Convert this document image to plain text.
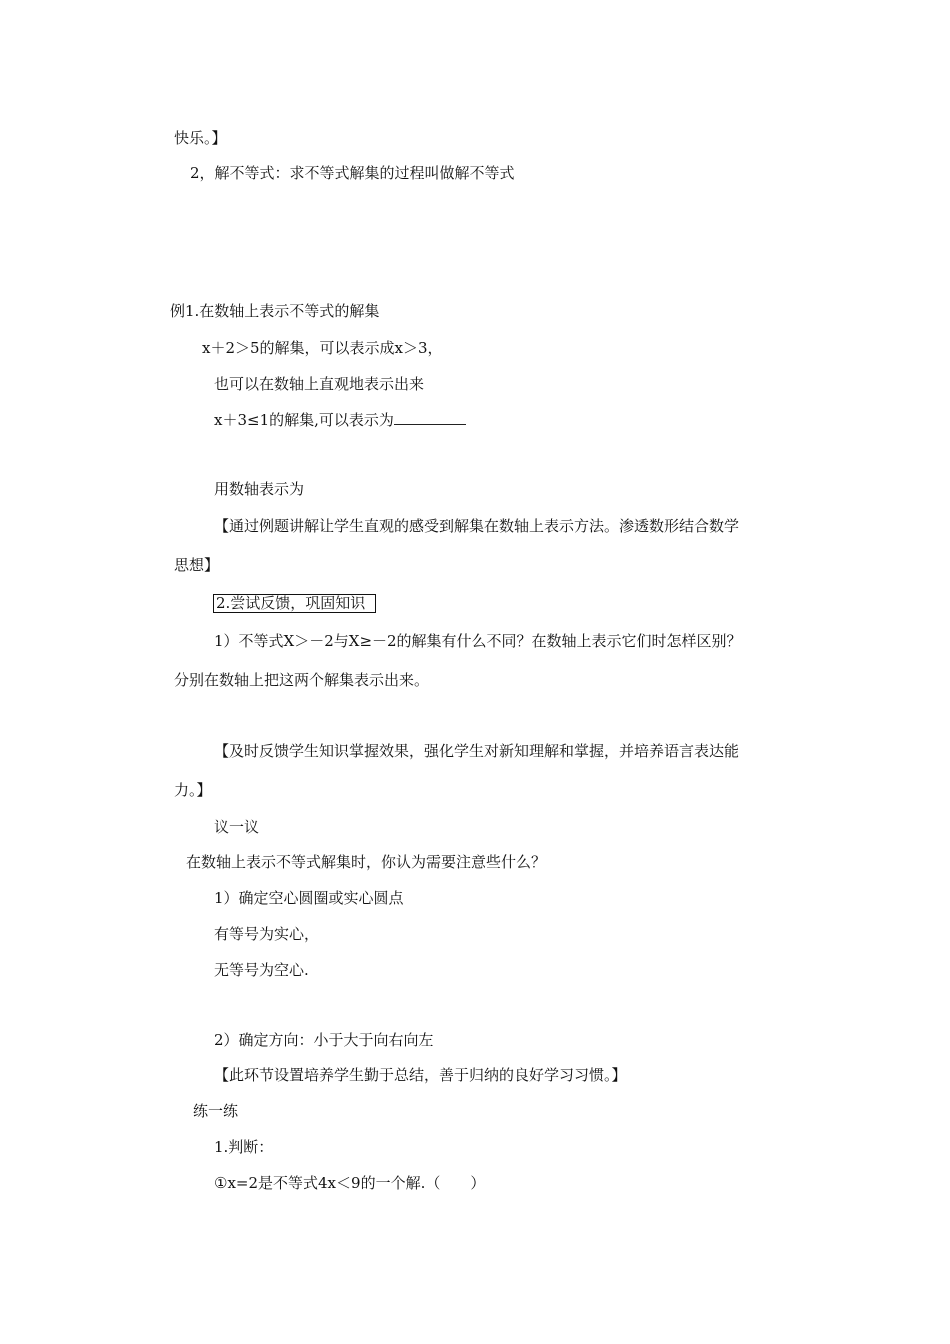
快乐。】
2，解不等式：求不等式解集的过程叫做解不等式
例1.在数轴上表示不等式的解集
x＋2＞5的解集，可以表示成x＞3，
也可以在数轴上直观地表示出来
x＋3≤1的解集,可以表示为
用数轴表示为
【通过例题讲解让学生直观的感受到解集在数轴上表示方法。渗透数形结合数学
思想】
2.尝试反馈，巩固知识
1）不等式X＞－2与X≥－2的解集有什么不同？在数轴上表示它们时怎样区别？
分别在数轴上把这两个解集表示出来。
【及时反馈学生知识掌握效果，强化学生对新知理解和掌握，并培养语言表达能
力。】
议一议
在数轴上表示不等式解集时，你认为需要注意些什么？
1）确定空心圆圈或实心圆点
有等号为实心，
无等号为空心.
2）确定方向：小于大于向右向左
【此环节设置培养学生勤于总结，善于归纳的良好学习习惯。】
练一练
1.判断：
①x=2是不等式4x＜9的一个解.（　　）
